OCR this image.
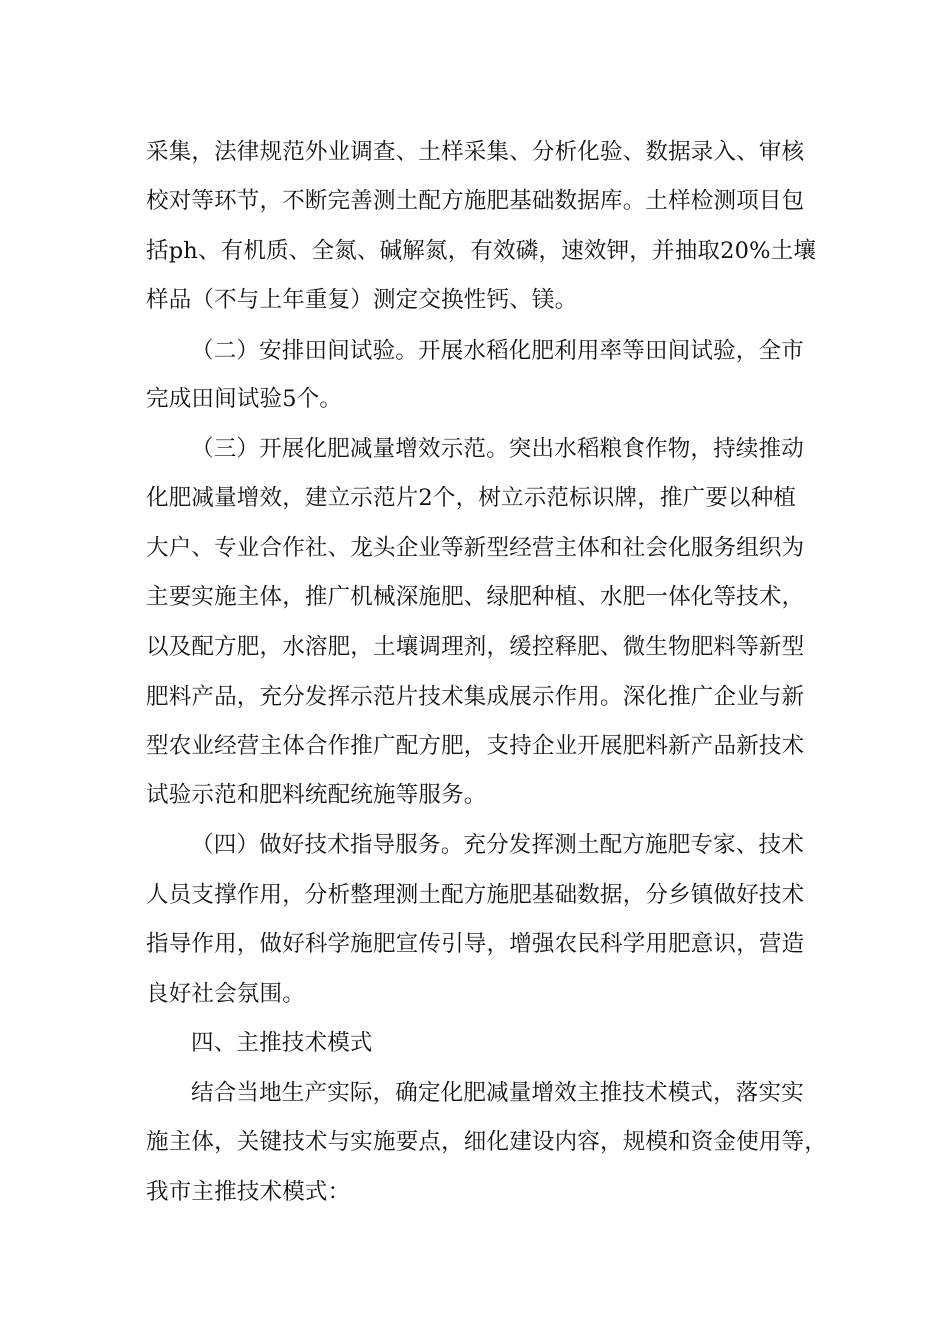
采集，法律规范外业调查、土样采集、分析化验、数据录入、审核
校对等环节，不断完善测土配方施肥基础数据库。土样检测项目包
括ph、有机质、全氮、碱解氮，有效磷，速效钾，并抽取20%土壤
样品（不与上年重复）测定交换性钙、镁。
（二）安排田间试验。开展水稻化肥利用率等田间试验，全市
完成田间试验5个。
（三）开展化肥减量增效示范。突出水稻粮食作物，持续推动
化肥减量增效，建立示范片2个，树立示范标识牌，推广要以种植
大户、专业合作社、龙头企业等新型经营主体和社会化服务组织为
主要实施主体，推广机械深施肥、绿肥种植、水肥一体化等技术，
以及配方肥，水溶肥，土壤调理剂，缓控释肥、微生物肥料等新型
肥料产品，充分发挥示范片技术集成展示作用。深化推广企业与新
型农业经营主体合作推广配方肥，支持企业开展肥料新产品新技术
试验示范和肥料统配统施等服务。
（四）做好技术指导服务。充分发挥测土配方施肥专家、技术
人员支撑作用，分析整理测土配方施肥基础数据，分乡镇做好技术
指导作用，做好科学施肥宣传引导，增强农民科学用肥意识，营造
良好社会氛围。
四、主推技术模式
结合当地生产实际，确定化肥减量增效主推技术模式，落实实
施主体，关键技术与实施要点，细化建设内容，规模和资金使用等，
我市主推技术模式：
